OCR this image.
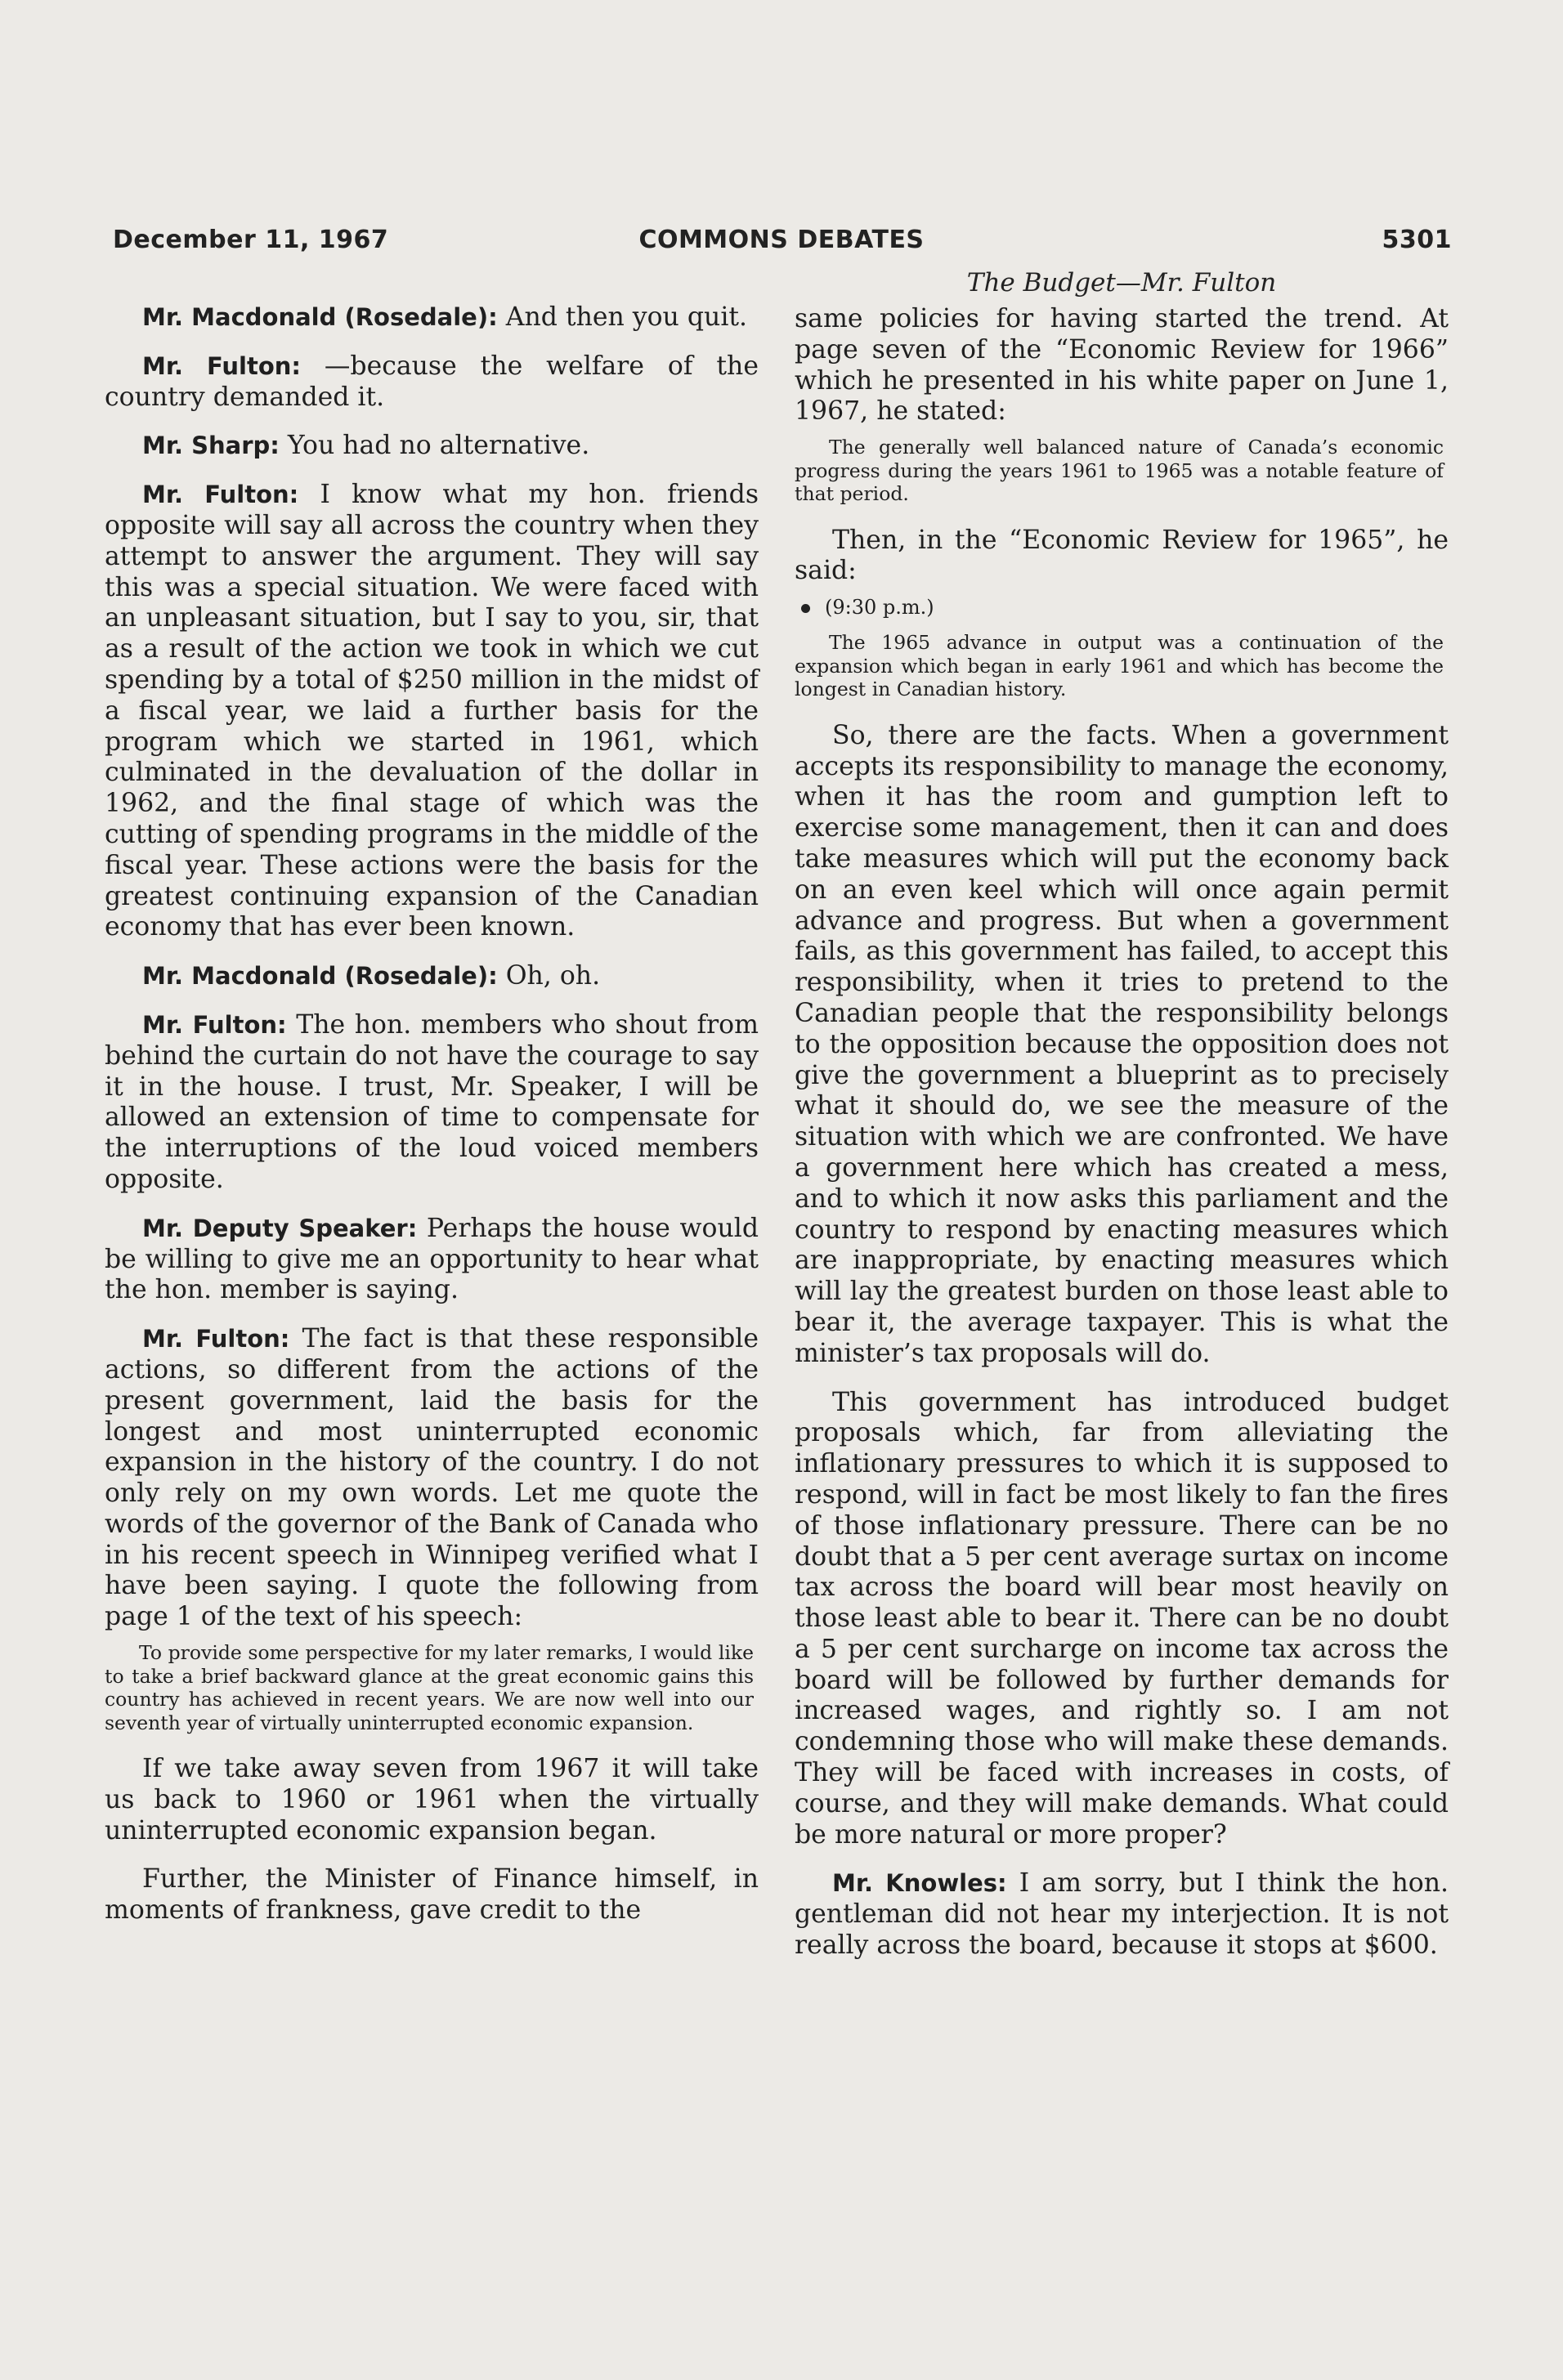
December 11, 1967	COMMONS DEBATES	5301
The Budget—Mr. Fulton

Mr. Macdonald (Rosedale): And then you quit.

Mr. Fulton: —because the welfare of the country demanded it.

Mr. Sharp: You had no alternative.

Mr. Fulton: I know what my hon. friends opposite will say all across the country when they attempt to answer the argument. They will say this was a special situation. We were faced with an unpleasant situation, but I say to you, sir, that as a result of the action we took in which we cut spending by a total of $250 million in the midst of a fiscal year, we laid a further basis for the program which we started in 1961, which culminated in the devaluation of the dollar in 1962, and the final stage of which was the cutting of spending programs in the middle of the fiscal year. These actions were the basis for the greatest continuing expansion of the Canadian economy that has ever been known.

Mr. Macdonald (Rosedale): Oh, oh.

Mr. Fulton: The hon. members who shout from behind the curtain do not have the courage to say it in the house. I trust, Mr. Speaker, I will be allowed an extension of time to compensate for the interruptions of the loud voiced members opposite.

Mr. Deputy Speaker: Perhaps the house would be willing to give me an opportunity to hear what the hon. member is saying.

Mr. Fulton: The fact is that these responsible actions, so different from the actions of the present government, laid the basis for the longest and most uninterrupted economic expansion in the history of the country. I do not only rely on my own words. Let me quote the words of the governor of the Bank of Canada who in his recent speech in Winnipeg verified what I have been saying. I quote the following from page 1 of the text of his speech:

To provide some perspective for my later remarks, I would like to take a brief backward glance at the great economic gains this country has achieved in recent years. We are now well into our seventh year of virtually uninterrupted economic expansion.

If we take away seven from 1967 it will take us back to 1960 or 1961 when the virtually uninterrupted economic expansion began.

Further, the Minister of Finance himself, in moments of frankness, gave credit to the

same policies for having started the trend. At page seven of the “Economic Review for 1966” which he presented in his white paper on June 1, 1967, he stated:

The generally well balanced nature of Canada’s economic progress during the years 1961 to 1965 was a notable feature of that period.

Then, in the “Economic Review for 1965”, he said:

(9:30 p.m.)

The 1965 advance in output was a continuation of the expansion which began in early 1961 and which has become the longest in Canadian history.

So, there are the facts. When a government accepts its responsibility to manage the economy, when it has the room and gumption left to exercise some management, then it can and does take measures which will put the economy back on an even keel which will once again permit advance and progress. But when a government fails, as this government has failed, to accept this responsibility, when it tries to pretend to the Canadian people that the responsibility belongs to the opposition because the opposition does not give the government a blueprint as to precisely what it should do, we see the measure of the situation with which we are confronted. We have a government here which has created a mess, and to which it now asks this parliament and the country to respond by enacting measures which are inappropriate, by enacting measures which will lay the greatest burden on those least able to bear it, the average taxpayer. This is what the minister’s tax proposals will do.

This government has introduced budget proposals which, far from alleviating the inflationary pressures to which it is supposed to respond, will in fact be most likely to fan the fires of those inflationary pressure. There can be no doubt that a 5 per cent average surtax on income tax across the board will bear most heavily on those least able to bear it. There can be no doubt a 5 per cent surcharge on income tax across the board will be followed by further demands for increased wages, and rightly so. I am not condemning those who will make these demands. They will be faced with increases in costs, of course, and they will make demands. What could be more natural or more proper?

Mr. Knowles: I am sorry, but I think the hon. gentleman did not hear my interjection. It is not really across the board, because it stops at $600.
